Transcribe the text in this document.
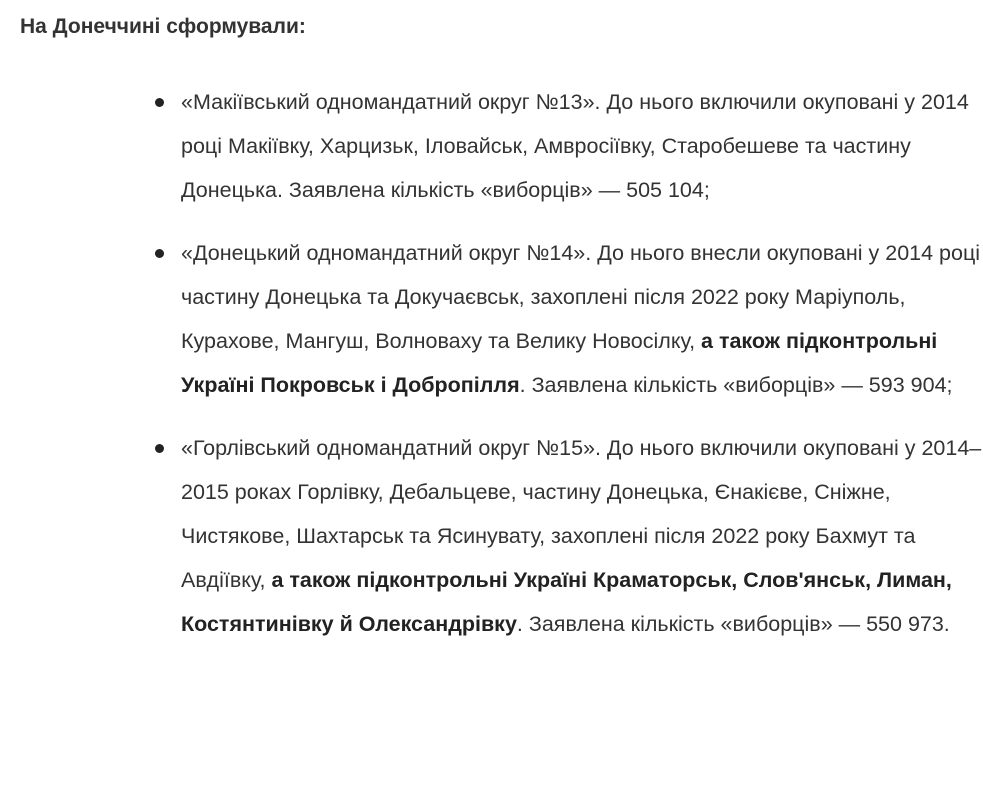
На Донеччині сформували:
«Макіївський одномандатний округ №13». До нього включили окуповані у 2014 році Макіївку, Харцизьк, Іловайськ, Амвросіївку, Старобешеве та частину Донецька. Заявлена кількість «виборців» — 505 104;
«Донецький одномандатний округ №14». До нього внесли окуповані у 2014 році частину Донецька та Докучаєвськ, захоплені після 2022 року Маріуполь, Курахове, Мангуш, Волноваху та Велику Новосілку, а також підконтрольні Україні Покровськ і Добропілля. Заявлена кількість «виборців» — 593 904;
«Горлівський одномандатний округ №15». До нього включили окуповані у 2014–2015 роках Горлівку, Дебальцеве, частину Донецька, Єнакієве, Сніжне, Чистякове, Шахтарськ та Ясинувату, захоплені після 2022 року Бахмут та Авдіївку, а також підконтрольні Україні Краматорськ, Слов'янськ, Лиман, Костянтинівку й Олександрівку. Заявлена кількість «виборців» — 550 973.
